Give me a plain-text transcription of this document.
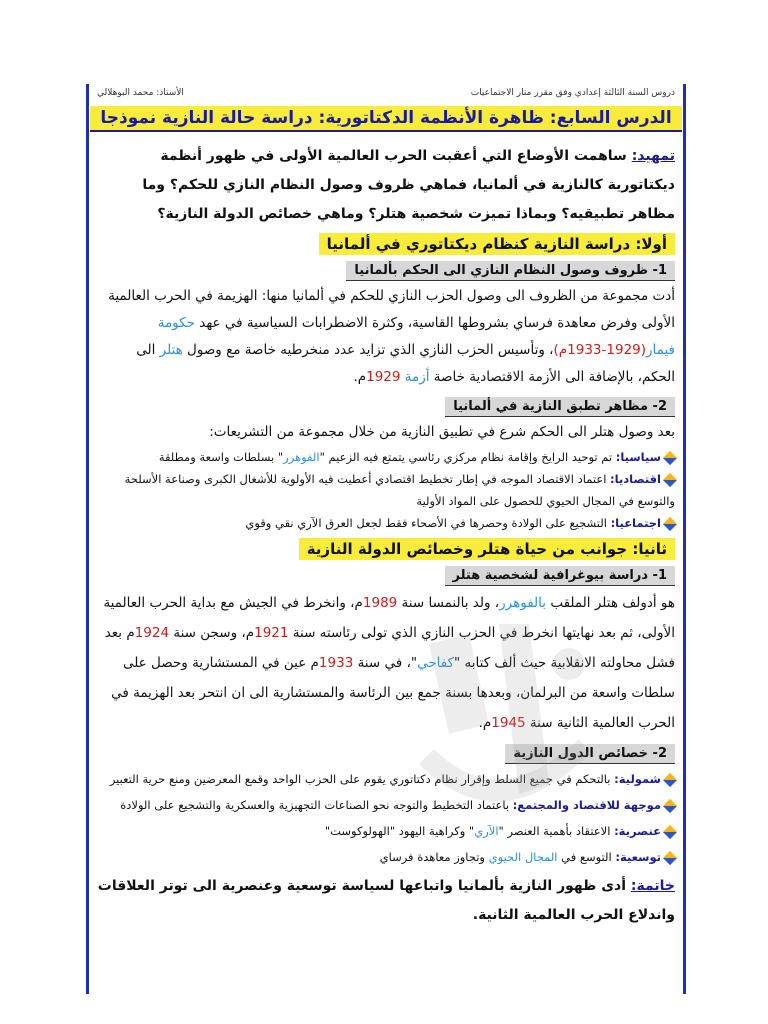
دروس السنة الثالثة إعدادي وفق مقرر منار الاجتماعيات
الأستاذ: محمد البوهلالي
الدرس السابع: ظاهرة الأنظمة الدكتاتورية: دراسة حالة النازية نموذجا

تمهيد: ساهمت الأوضاع التي أعقبت الحرب العالمية الأولى في ظهور أنظمة ديكتاتورية كالنازية في ألمانيا، فماهي ظروف وصول النظام النازي للحكم؟ وما مظاهر تطبيقيه؟ وبماذا تميزت شخصية هتلر؟ وماهي خصائص الدولة النازية؟

أولا: دراسة النازية كنظام ديكتاتوري في ألمانيا
1- ظروف وصول النظام النازي الى الحكم بألمانيا

أدت مجموعة من الظروف الى وصول الحزب النازي للحكم في ألمانيا منها: الهزيمة في الحرب العالمية الأولى وفرض معاهدة فرساي بشروطها القاسية، وكثرة الاضطرابات السياسية في عهد حكومة فيمار(1929-1933م)، وتأسيس الحزب النازي الذي تزايد عدد منخرطيه خاصة مع وصول هتلر الى الحكم، بالإضافة الى الأزمة الاقتصادية خاصة أزمة 1929م.

2- مظاهر تطبق النازية في ألمانيا

بعد وصول هتلر الى الحكم شرع في تطبيق النازية من خلال مجموعة من التشريعات:

سياسيا: تم توحيد الرايخ وإقامة نظام مركزي رئاسي يتمتع فيه الزعيم "الفوهرر" بسلطات واسعة ومطلقة

اقتصاديا: اعتماد الاقتصاد الموجه في إطار تخطيط اقتصادي أعطيت فيه الأولوية للأشغال الكبرى وصناعة الأسلحة والتوسع في المجال الحيوي للحصول على المواد الأولية

اجتماعيا: التشجيع على الولادة وحصرها في الأصحاء فقط لجعل العرق الآري نقي وقوي

ثانيا: جوانب من حياة هتلر وخصائص الدولة النازية
1- دراسة بيوغرافية لشخصية هتلر

هو أدولف هتلر الملقب بالفوهرر، ولد بالنمسا سنة 1989م، وانخرط في الجيش مع بداية الحرب العالمية الأولى، ثم بعد نهايتها انخرط في الحزب النازي الذي تولى رئاسته سنة 1921م، وسجن سنة 1924م بعد فشل محاولته الانقلابية حيث ألف كتابه "كفاحي"، في سنة 1933م عين في المستشارية وحصل على سلطات واسعة من البرلمان، وبعدها بسنة جمع بين الرئاسة والمستشارية الى ان انتحر بعد الهزيمة في الحرب العالمية الثانية سنة 1945م.

2- خصائص الدول النازية

شمولية: بالتحكم في جميع السلط وإقرار نظام دكتاتوري يقوم على الحزب الواحد وقمع المعرضين ومنع حرية التعبير

موجهة للاقتصاد والمجتمع: باعتماد التخطيط والتوجه نحو الصناعات التجهيزية والعسكرية والتشجيع على الولادة

عنصرية: الاعتقاد بأهمية العنصر "الآري" وكراهية اليهود "الهولوكوست"

توسعية: التوسع في المجال الحيوي وتجاوز معاهدة فرساي

خاتمة: أدى ظهور النازية بألمانيا واتباعها لسياسة توسعية وعنصرية الى توتر العلاقات واندلاع الحرب العالمية الثانية.
